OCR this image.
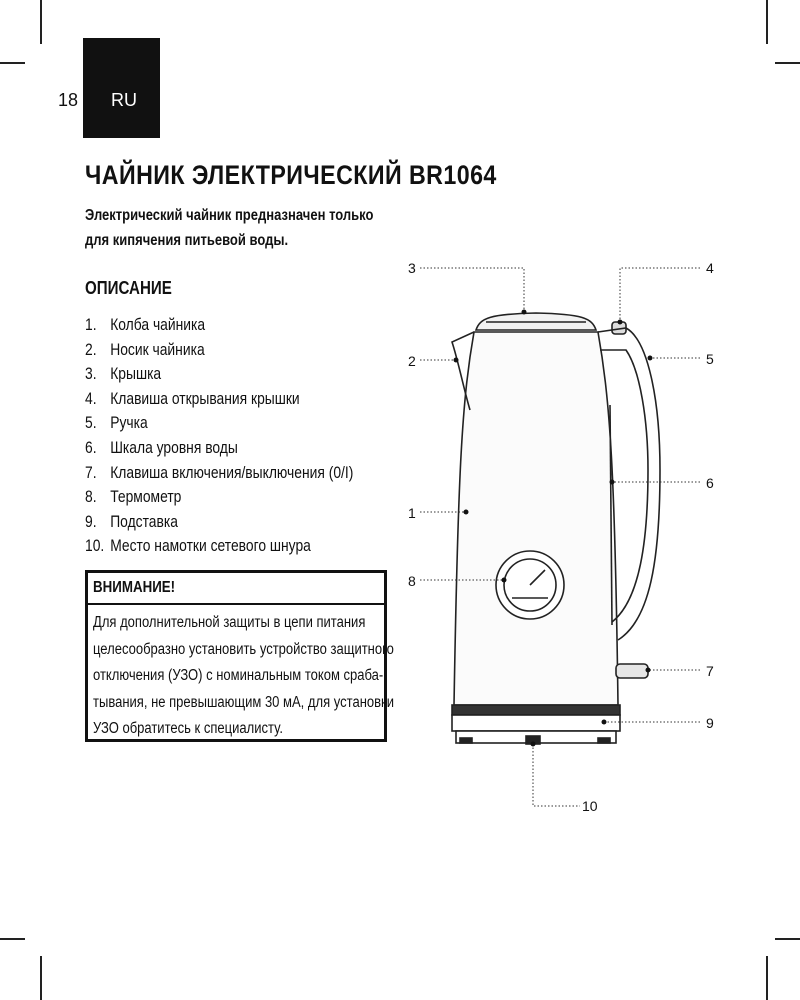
18 RU
ЧАЙНИК ЭЛЕКТРИЧЕСКИЙ BR1064
Электрический чайник предназначен только
для кипячения питьевой воды.
ОПИСАНИЕ
1. Колба чайника
2. Носик чайника
3. Крышка
4. Клавиша открывания крышки
5. Ручка
6. Шкала уровня воды
7. Клавиша включения/выключения (0/I)
8. Термометр
9. Подставка
10. Место намотки сетевого шнура
ВНИМАНИЕ!
Для дополнительной защиты в цепи питания
целесообразно установить устройство защитного
отключения (УЗО) с номинальным током сраба-
тывания, не превышающим 30 мА, для установки
УЗО обратитесь к специалисту.
1
2
3	4
5
6
7
8
9
10
